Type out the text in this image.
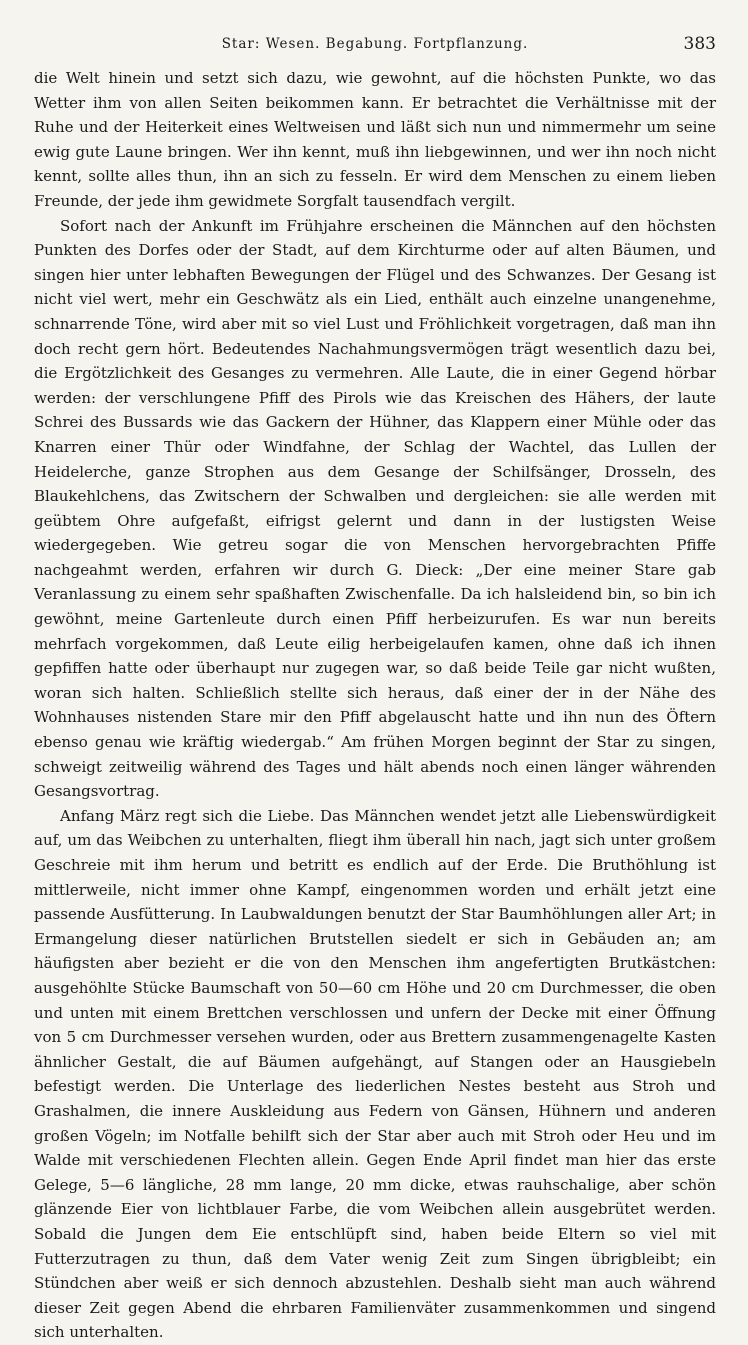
Star: Wesen. Begabung. Fortpflanzung.	383

die Welt hinein und setzt sich dazu, wie gewohnt, auf die höchsten Punkte, wo das Wetter ihm von allen Seiten beikommen kann. Er betrachtet die Verhältnisse mit der Ruhe und der Heiterkeit eines Weltweisen und läßt sich nun und nimmermehr um seine ewig gute Laune bringen. Wer ihn kennt, muß ihn liebgewinnen, und wer ihn noch nicht kennt, sollte alles thun, ihn an sich zu fesseln. Er wird dem Menschen zu einem lieben Freunde, der jede ihm gewidmete Sorgfalt tausendfach vergilt.

Sofort nach der Ankunft im Frühjahre erscheinen die Männchen auf den höchsten Punkten des Dorfes oder der Stadt, auf dem Kirchturme oder auf alten Bäumen, und singen hier unter lebhaften Bewegungen der Flügel und des Schwanzes. Der Gesang ist nicht viel wert, mehr ein Geschwätz als ein Lied, enthält auch einzelne unangenehme, schnarrende Töne, wird aber mit so viel Lust und Fröhlichkeit vorgetragen, daß man ihn doch recht gern hört. Bedeutendes Nachahmungsvermögen trägt wesentlich dazu bei, die Ergötzlichkeit des Gesanges zu vermehren. Alle Laute, die in einer Gegend hörbar werden: der verschlungene Pfiff des Pirols wie das Kreischen des Hähers, der laute Schrei des Bussards wie das Gackern der Hühner, das Klappern einer Mühle oder das Knarren einer Thür oder Windfahne, der Schlag der Wachtel, das Lullen der Heidelerche, ganze Strophen aus dem Gesange der Schilfsänger, Drosseln, des Blaukehlchens, das Zwitschern der Schwalben und dergleichen: sie alle werden mit geübtem Ohre aufgefaßt, eifrigst gelernt und dann in der lustigsten Weise wiedergegeben. Wie getreu sogar die von Menschen hervorgebrachten Pfiffe nachgeahmt werden, erfahren wir durch G. Dieck: „Der eine meiner Stare gab Veranlassung zu einem sehr spaßhaften Zwischenfalle. Da ich halsleidend bin, so bin ich gewöhnt, meine Gartenleute durch einen Pfiff herbeizurufen. Es war nun bereits mehrfach vorgekommen, daß Leute eilig herbeigelaufen kamen, ohne daß ich ihnen gepfiffen hatte oder überhaupt nur zugegen war, so daß beide Teile gar nicht wußten, woran sich halten. Schließlich stellte sich heraus, daß einer der in der Nähe des Wohnhauses nistenden Stare mir den Pfiff abgelauscht hatte und ihn nun des Öftern ebenso genau wie kräftig wiedergab.“ Am frühen Morgen beginnt der Star zu singen, schweigt zeitweilig während des Tages und hält abends noch einen länger währenden Gesangsvortrag.

Anfang März regt sich die Liebe. Das Männchen wendet jetzt alle Liebenswürdigkeit auf, um das Weibchen zu unterhalten, fliegt ihm überall hin nach, jagt sich unter großem Geschreie mit ihm herum und betritt es endlich auf der Erde. Die Bruthöhlung ist mittlerweile, nicht immer ohne Kampf, eingenommen worden und erhält jetzt eine passende Ausfütterung. In Laubwaldungen benutzt der Star Baumhöhlungen aller Art; in Ermangelung dieser natürlichen Brutstellen siedelt er sich in Gebäuden an; am häufigsten aber bezieht er die von den Menschen ihm angefertigten Brutkästchen: ausgehöhlte Stücke Baumschaft von 50—60 cm Höhe und 20 cm Durchmesser, die oben und unten mit einem Brettchen verschlossen und unfern der Decke mit einer Öffnung von 5 cm Durchmesser versehen wurden, oder aus Brettern zusammengenagelte Kasten ähnlicher Gestalt, die auf Bäumen aufgehängt, auf Stangen oder an Hausgiebeln befestigt werden. Die Unterlage des liederlichen Nestes besteht aus Stroh und Grashalmen, die innere Auskleidung aus Federn von Gänsen, Hühnern und anderen großen Vögeln; im Notfalle behilft sich der Star aber auch mit Stroh oder Heu und im Walde mit verschiedenen Flechten allein. Gegen Ende April findet man hier das erste Gelege, 5—6 längliche, 28 mm lange, 20 mm dicke, etwas rauhschalige, aber schön glänzende Eier von lichtblauer Farbe, die vom Weibchen allein ausgebrütet werden. Sobald die Jungen dem Eie entschlüpft sind, haben beide Eltern so viel mit Futterzutragen zu thun, daß dem Vater wenig Zeit zum Singen übrigbleibt; ein Stündchen aber weiß er sich dennoch abzustehlen. Deshalb sieht man auch während dieser Zeit gegen Abend die ehrbaren Familienväter zusammenkommen und singend sich unterhalten.
